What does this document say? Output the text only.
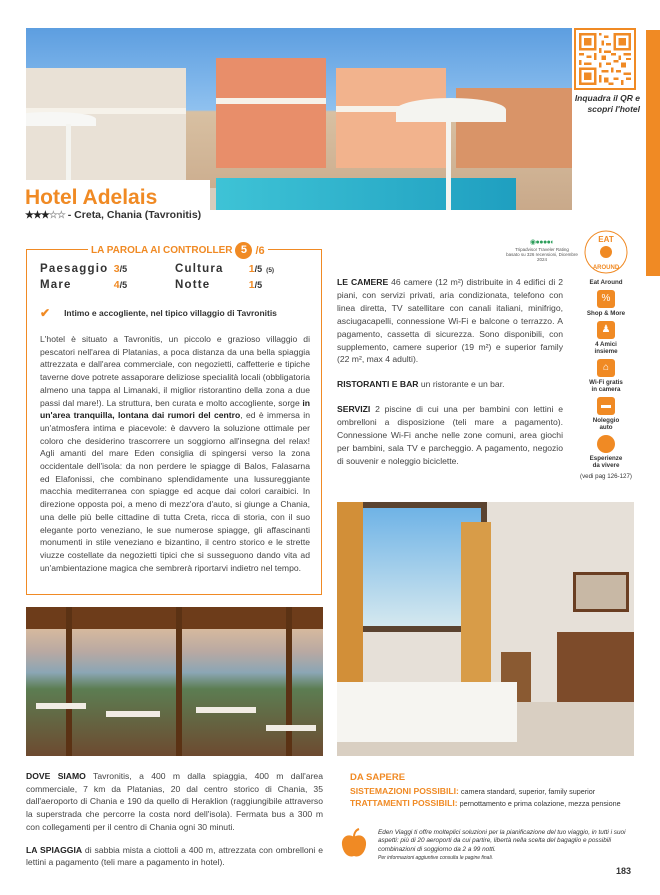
Inquadra il QR e scopri l'hotel
Hotel Adelais
★★★☆☆ - Creta, Chania (Tavronitis)
LA PAROLA AI CONTROLLER 5 /6
Paesaggio 3/5	Cultura	1/5 (5)
Mare	4/5	Notte	1/5
✔ Intimo e accogliente, nel tipico villaggio di Tavronitis
L'hotel è situato a Tavronitis, un piccolo e grazioso villaggio di pescatori nell'area di Platanias, a poca distanza da una bella spiaggia attrezzata e dall'area commerciale, con negozietti, caffetterie e tipiche taverne dove potrete assaporare deliziose specialità locali (obbligatoria almeno una tappa al Limanaki, il miglior ristorantino della zona a due passi dal mare!). La struttura, ben curata e molto accogliente, sorge in un'area tranquilla, lontana dai rumori del centro, ed è immersa in un'atmosfera intima e piacevole: è davvero la soluzione ottimale per coloro che desiderino trascorrere un soggiorno all'insegna del relax! Agli amanti del mare Eden consiglia di spingersi verso la zona occidentale dell'isola: da non perdere le spiagge di Balos, Falasarna ed Elafonissi, che combinano splendidamente una lussureggiante macchia mediterranea con spiagge ed acque dai colori caraibici. In direzione opposta poi, a meno di mezz'ora d'auto, si giunge a Chania, una delle più belle cittadine di tutta Creta, ricca di storia, con il suo elegante porto veneziano, le sue numerose spiagge, gli affascinanti monumenti in stile veneziano e bizantino, il centro storico e le strette viuzze costellate da negozietti tipici che si susseguono dando vita ad un'ambientazione magica che sembrerà riportarvi indietro nel tempo.
◉●●●●◐
Tripadvisor Traveler Rating
basato su 326 recensioni, Dicembre 2024

LE CAMERE 46 camere (12 m²) distribuite in 4 edifici di 2 piani, con servizi privati, aria condizionata, telefono con linea diretta, TV satellitare con canali italiani, minifrigo, asciugacapelli, connessione Wi-Fi e balcone o terrazzo. A pagamento, cassetta di sicurezza. Sono disponibili, con supplemento, camere superior (19 m²) e superior family (22 m², max 4 adulti).

RISTORANTI E BAR un ristorante e un bar.

SERVIZI 2 piscine di cui una per bambini con lettini e ombrelloni a disposizione (teli mare a pagamento). Connessione Wi-Fi anche nelle zone comuni, area giochi per bambini, sala TV e parcheggio. A pagamento, negozio di souvenir e noleggio biciclette.

EAT
AROUND
Eat Around
%
Shop & More
♟
4 Amici
insieme
⌂
Wi-Fi gratis
in camera
▬
Noleggio
auto
Esperienze
da vivere
(vedi pag 126-127)

DOVE SIAMO Tavronitis, a 400 m dalla spiaggia, 400 m dall'area commerciale, 7 km da Platanias, 20 dal centro storico di Chania, 35 dall'aeroporto di Chania e 190 da quello di Heraklion (raggiungibile attraverso la superstrada che percorre la costa nord dell'isola). Fermata bus a 300 m con collegamenti per il centro di Chania ogni 30 minuti.

LA SPIAGGIA di sabbia mista a ciottoli a 400 m, attrezzata con ombrelloni e lettini a pagamento (teli mare a pagamento in hotel).

DA SAPERE
SISTEMAZIONI POSSIBILI: camera standard, superior, family superior
TRATTAMENTI POSSIBILI: pernottamento e prima colazione, mezza pensione
Eden Viaggi ti offre molteplici soluzioni per la pianificazione del tuo viaggio, in tutti i suoi aspetti: più di 20 aeroporti da cui partire, libertà nella scelta del bagaglio e possibili combinazioni di soggiorno da 2 a 99 notti.
Per informazioni aggiuntive consulta le pagine finali.
183
